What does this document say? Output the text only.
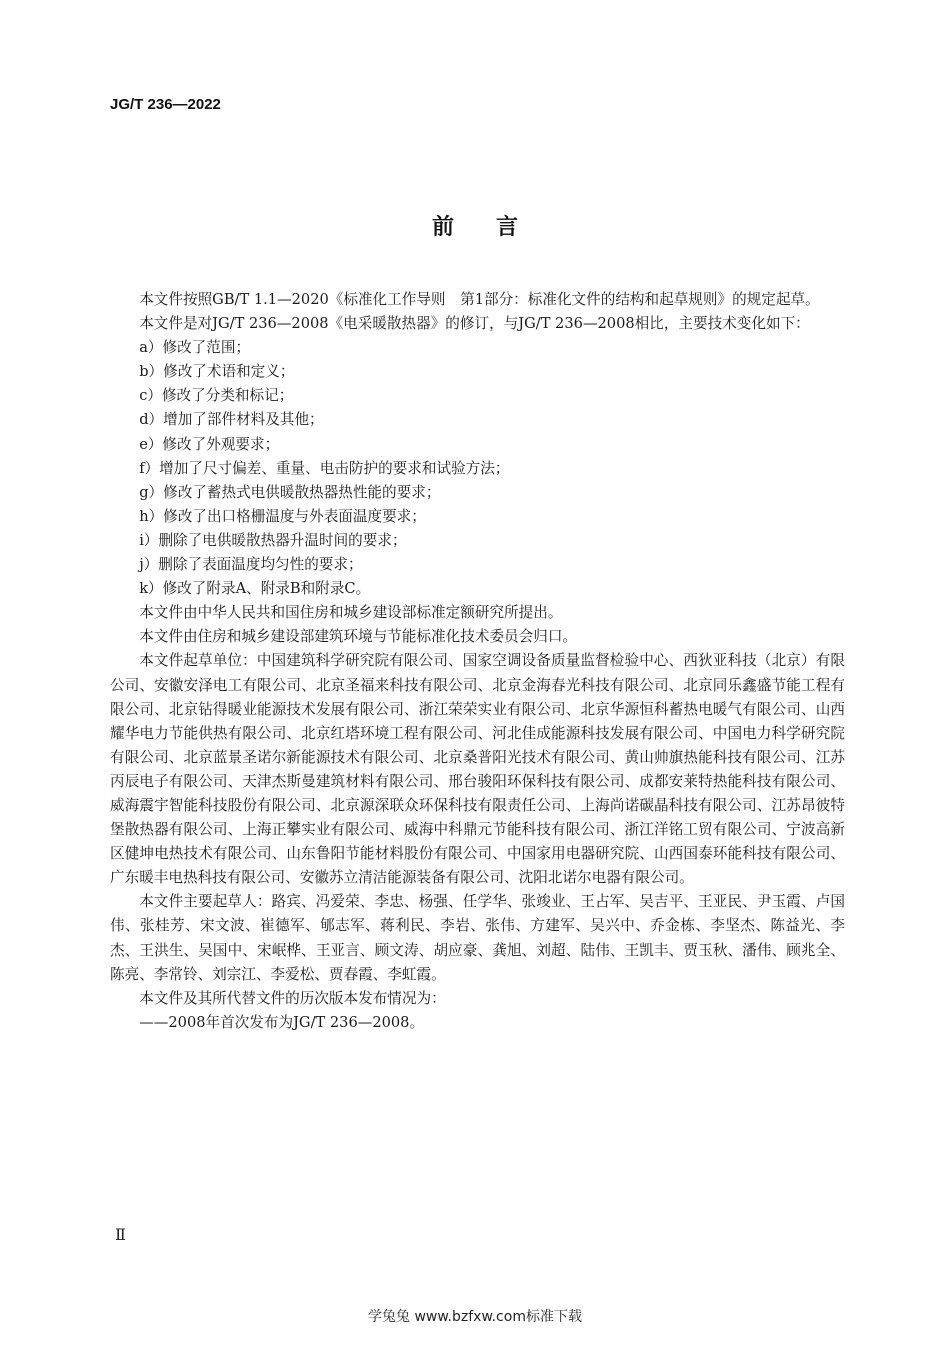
JG/T 236—2022
前言

本文件按照GB/T 1.1—2020《标准化工作导则　第1部分：标准化文件的结构和起草规则》的规定起草。

本文件是对JG/T 236—2008《电采暖散热器》的修订，与JG/T 236—2008相比，主要技术变化如下：

a）修改了范围；
b）修改了术语和定义；
c）修改了分类和标记；
d）增加了部件材料及其他；
e）修改了外观要求；
f）增加了尺寸偏差、重量、电击防护的要求和试验方法；
g）修改了蓄热式电供暖散热器热性能的要求；
h）修改了出口格栅温度与外表面温度要求；
i）删除了电供暖散热器升温时间的要求；
j）删除了表面温度均匀性的要求；
k）修改了附录A、附录B和附录C。

本文件由中华人民共和国住房和城乡建设部标准定额研究所提出。

本文件由住房和城乡建设部建筑环境与节能标准化技术委员会归口。

本文件起草单位：中国建筑科学研究院有限公司、国家空调设备质量监督检验中心、西狄亚科技（北京）有限公司、安徽安泽电工有限公司、北京圣福来科技有限公司、北京金海春光科技有限公司、北京同乐鑫盛节能工程有限公司、北京钻得暖业能源技术发展有限公司、浙江荣荣实业有限公司、北京华源恒科蓄热电暖气有限公司、山西耀华电力节能供热有限公司、北京红塔环境工程有限公司、河北佳成能源科技发展有限公司、中国电力科学研究院有限公司、北京蓝景圣诺尔新能源技术有限公司、北京桑普阳光技术有限公司、黄山帅旗热能科技有限公司、江苏丙辰电子有限公司、天津杰斯曼建筑材料有限公司、邢台骏阳环保科技有限公司、成都安莱特热能科技有限公司、威海震宇智能科技股份有限公司、北京源深联众环保科技有限责任公司、上海尚诺碳晶科技有限公司、江苏昂彼特堡散热器有限公司、上海正攀实业有限公司、威海中科鼎元节能科技有限公司、浙江洋铭工贸有限公司、宁波高新区健坤电热技术有限公司、山东鲁阳节能材料股份有限公司、中国家用电器研究院、山西国泰环能科技有限公司、广东暖丰电热科技有限公司、安徽苏立清洁能源装备有限公司、沈阳北诺尔电器有限公司。

本文件主要起草人：路宾、冯爱荣、李忠、杨强、任学华、张竣业、王占军、吴吉平、王亚民、尹玉霞、卢国伟、张桂芳、宋文波、崔德军、郇志军、蒋利民、李岩、张伟、方建军、吴兴中、乔金栋、李坚杰、陈益光、李杰、王洪生、吴国中、宋岷桦、王亚言、顾文涛、胡应豪、龚旭、刘超、陆伟、王凯丰、贾玉秋、潘伟、顾兆全、陈亮、李常铃、刘宗江、李爱松、贾春霞、李虹霞。

本文件及其所代替文件的历次版本发布情况为：

——2008年首次发布为JG/T 236—2008。

Ⅱ
学兔兔 www.bzfxw.com标准下载
